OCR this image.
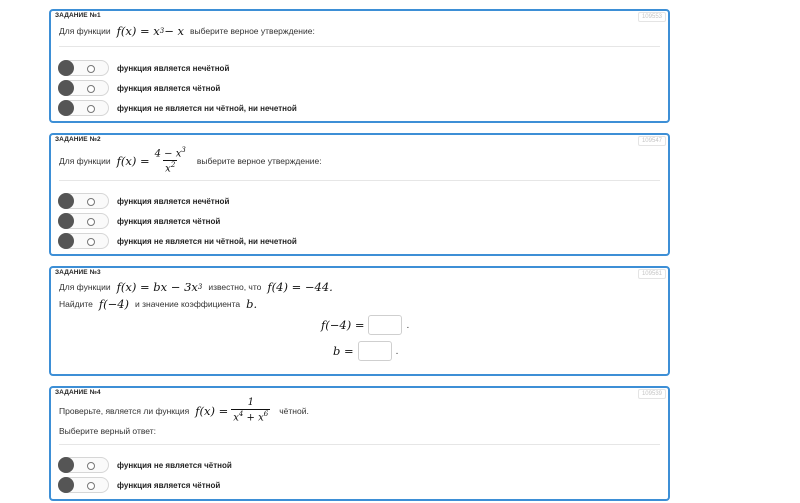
ЗАДАНИЕ №1	109553
Для функции f(x) = x 3 − x выберите верное утверждение:
функция является нечётной
функция является чётной
функция не является ни чётной, ни нечетной
ЗАДАНИЕ №2	109547
Для функции $f(x) = \frac{4 - x^3}{x^2}$ выберите верное утверждение:
функция является нечётной
функция является чётной
функция не является ни чётной, ни нечетной
ЗАДАНИЕ №3	109561
Для функции f(x) = bx − 3x 3 известно, что f(4) = −44.
Найдите f(−4) и значение коэффициента b.
f(−4) =	.
b =	.
ЗАДАНИЕ №4	109539
Проверьте, является ли функция $f(x) = \frac{1}{x^4 + x^6}$ чётной.
Выберите верный ответ:
функция не является чётной
функция является чётной
